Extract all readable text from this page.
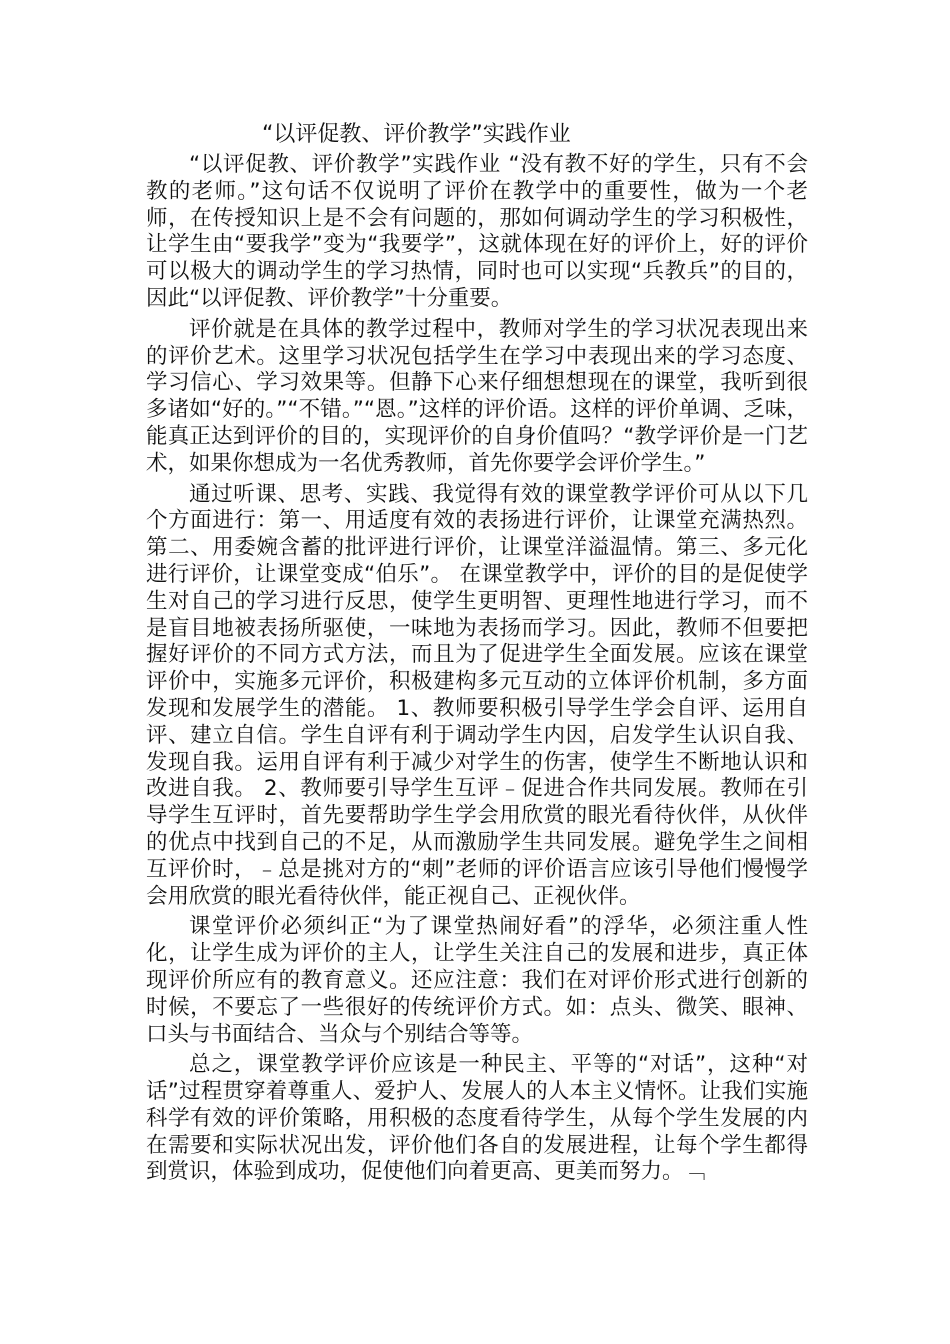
“以评促教、评价教学”实践作业

“以评促教、评价教学”实践作业 “没有教不好的学生，只有不会教的老师。”这句话不仅说明了评价在教学中的重要性，做为一个老师，在传授知识上是不会有问题的，那如何调动学生的学习积极性，让学生由“要我学”变为“我要学”，这就体现在好的评价上，好的评价可以极大的调动学生的学习热情，同时也可以实现“兵教兵”的目的，因此“以评促教、评价教学”十分重要。

评价就是在具体的教学过程中，教师对学生的学习状况表现出来的评价艺术。这里学习状况包括学生在学习中表现出来的学习态度、学习信心、学习效果等。但静下心来仔细想想现在的课堂，我听到很多诸如“好的。”“不错。”“恩。”这样的评价语。这样的评价单调、乏味，能真正达到评价的目的，实现评价的自身价值吗？“教学评价是一门艺术，如果你想成为一名优秀教师，首先你要学会评价学生。”

通过听课、思考、实践、我觉得有效的课堂教学评价可从以下几个方面进行：第一、用适度有效的表扬进行评价，让课堂充满热烈。第二、用委婉含蓄的批评进行评价，让课堂洋溢温情。第三、多元化进行评价，让课堂变成“伯乐”。 在课堂教学中，评价的目的是促使学生对自己的学习进行反思，使学生更明智、更理性地进行学习，而不是盲目地被表扬所驱使，一味地为表扬而学习。因此，教师不但要把握好评价的不同方式方法，而且为了促进学生全面发展。应该在课堂评价中，实施多元评价，积极建构多元互动的立体评价机制，多方面发现和发展学生的潜能。 1、教师要积极引导学生学会自评、运用自评、建立自信。学生自评有利于调动学生内因，启发学生认识自我、发现自我。运用自评有利于减少对学生的伤害，使学生不断地认识和改进自我。 2、教师要引导学生互评﹣促进合作共同发展。教师在引导学生互评时，首先要帮助学生学会用欣赏的眼光看待伙伴，从伙伴的优点中找到自己的不足，从而激励学生共同发展。避免学生之间相互评价时，﹣总是挑对方的“刺”老师的评价语言应该引导他们慢慢学会用欣赏的眼光看待伙伴，能正视自己、正视伙伴。

课堂评价必须纠正“为了课堂热闹好看”的浮华，必须注重人性化，让学生成为评价的主人，让学生关注自己的发展和进步，真正体现评价所应有的教育意义。还应注意：我们在对评价形式进行创新的时候，不要忘了一些很好的传统评价方式。如：点头、微笑、眼神、口头与书面结合、当众与个别结合等等。

总之，课堂教学评价应该是一种民主、平等的“对话”，这种“对话”过程贯穿着尊重人、爱护人、发展人的人本主义情怀。让我们实施科学有效的评价策略，用积极的态度看待学生，从每个学生发展的内在需要和实际状况出发，评价他们各自的发展进程，让每个学生都得到赏识，体验到成功，促使他们向着更高、更美而努力。﹁
